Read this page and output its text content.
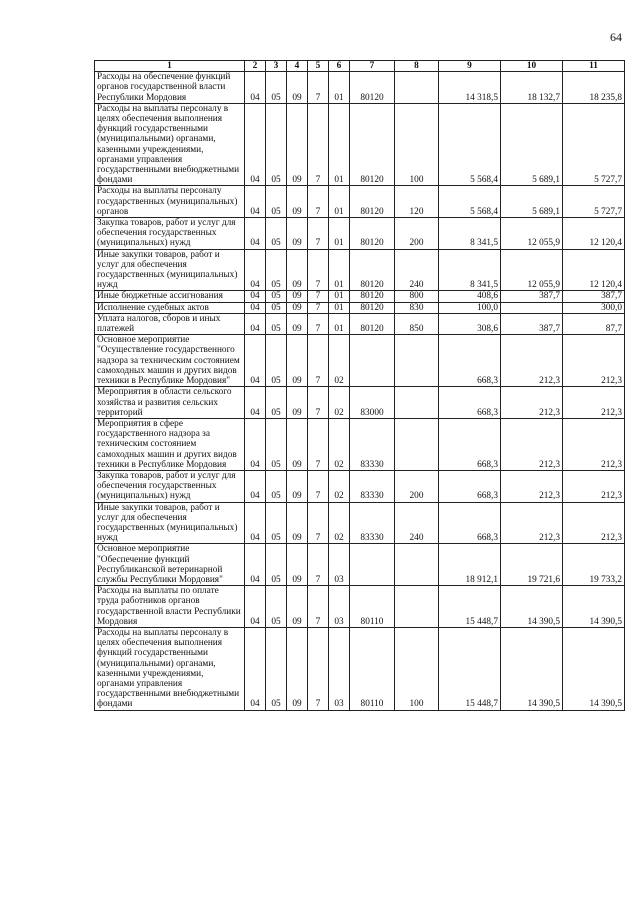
64
1	2	3	4	5	6	7	8	9	10	11
Расходы на обеспечение функций органов государственной власти Республики Мордовия	04	05	09	7	01	80120		14 318,5	18 132,7	18 235,8
Расходы на выплаты персоналу в целях обеспечения выполнения функций государственными (муниципальными) органами, казенными учреждениями, органами управления государственными внебюджетными фондами	04	05	09	7	01	80120	100	5 568,4	5 689,1	5 727,7
Расходы на выплаты персоналу государственных (муниципальных) органов	04	05	09	7	01	80120	120	5 568,4	5 689,1	5 727,7
Закупка товаров, работ и услуг для обеспечения государственных (муниципальных) нужд	04	05	09	7	01	80120	200	8 341,5	12 055,9	12 120,4
Иные закупки товаров, работ и услуг для обеспечения государственных (муниципальных) нужд	04	05	09	7	01	80120	240	8 341,5	12 055,9	12 120,4
Иные бюджетные ассигнования	04	05	09	7	01	80120	800	408,6	387,7	387,7
Исполнение судебных актов	04	05	09	7	01	80120	830	100,0		300,0
Уплата налогов, сборов и иных платежей	04	05	09	7	01	80120	850	308,6	387,7	87,7
Основное мероприятие "Осуществление государственного надзора за техническим состоянием самоходных машин и других видов техники в Республике Мордовия"	04	05	09	7	02			668,3	212,3	212,3
Мероприятия в области сельского хозяйства и развития сельских территорий	04	05	09	7	02	83000		668,3	212,3	212,3
Мероприятия в сфере государственного надзора за техническим состоянием самоходных машин и других видов техники в Республике Мордовия	04	05	09	7	02	83330		668,3	212,3	212,3
Закупка товаров, работ и услуг для обеспечения государственных (муниципальных) нужд	04	05	09	7	02	83330	200	668,3	212,3	212,3
Иные закупки товаров, работ и услуг для обеспечения государственных (муниципальных) нужд	04	05	09	7	02	83330	240	668,3	212,3	212,3
Основное мероприятие "Обеспечение функций Республиканской ветеринарной службы Республики Мордовия"	04	05	09	7	03			18 912,1	19 721,6	19 733,2
Расходы на выплаты по оплате труда работников органов государственной власти Республики Мордовия	04	05	09	7	03	80110		15 448,7	14 390,5	14 390,5
Расходы на выплаты персоналу в целях обеспечения выполнения функций государственными (муниципальными) органами, казенными учреждениями, органами управления государственными внебюджетными фондами	04	05	09	7	03	80110	100	15 448,7	14 390,5	14 390,5
